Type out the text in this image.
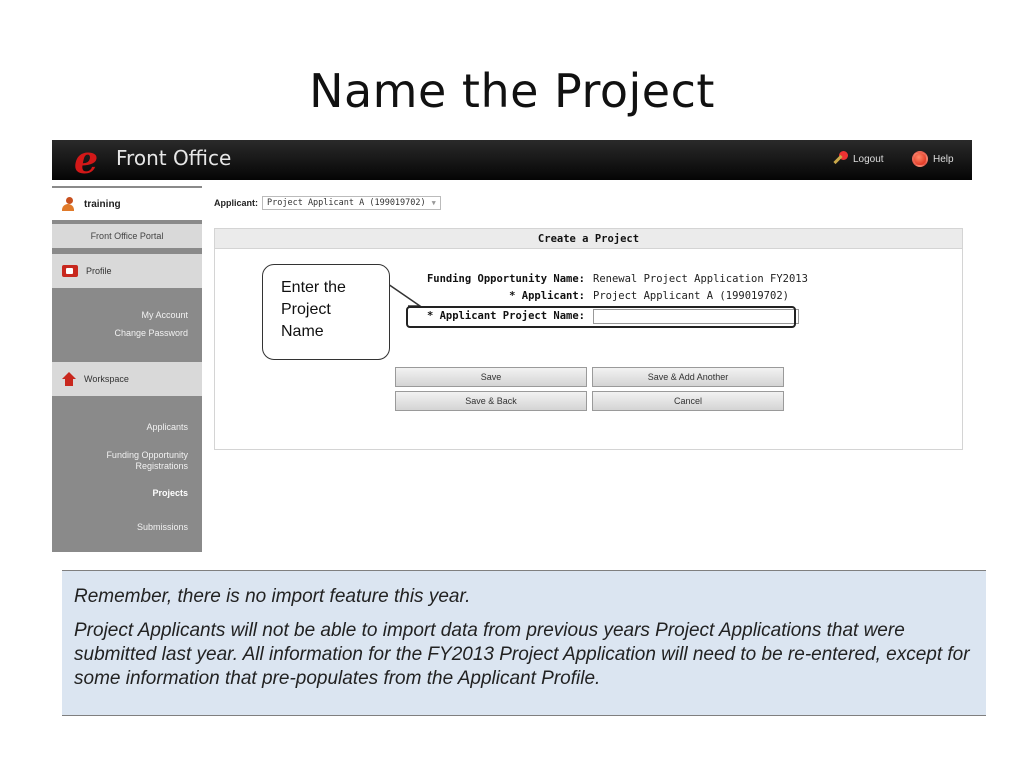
Name the Project
e Front Office	Logout	Help
training
Front Office Portal
Profile
My Account
Change Password
Workspace
Applicants
Funding Opportunity
Registrations
Projects
Submissions
Applicant: Project Applicant A (199019702) ▼
Create a Project
Funding Opportunity Name: Renewal Project Application FY2013
* Applicant: Project Applicant A (199019702)
* Applicant Project Name:
Save	Save & Add Another
Save & Back	Cancel
Enter the
Project
Name
Remember, there is no import feature this year.
Project Applicants will not be able to import data from previous years Project Applications that were submitted last year. All information for the FY2013 Project Application will need to be re-entered, except for some information that pre-populates from the Applicant Profile.
